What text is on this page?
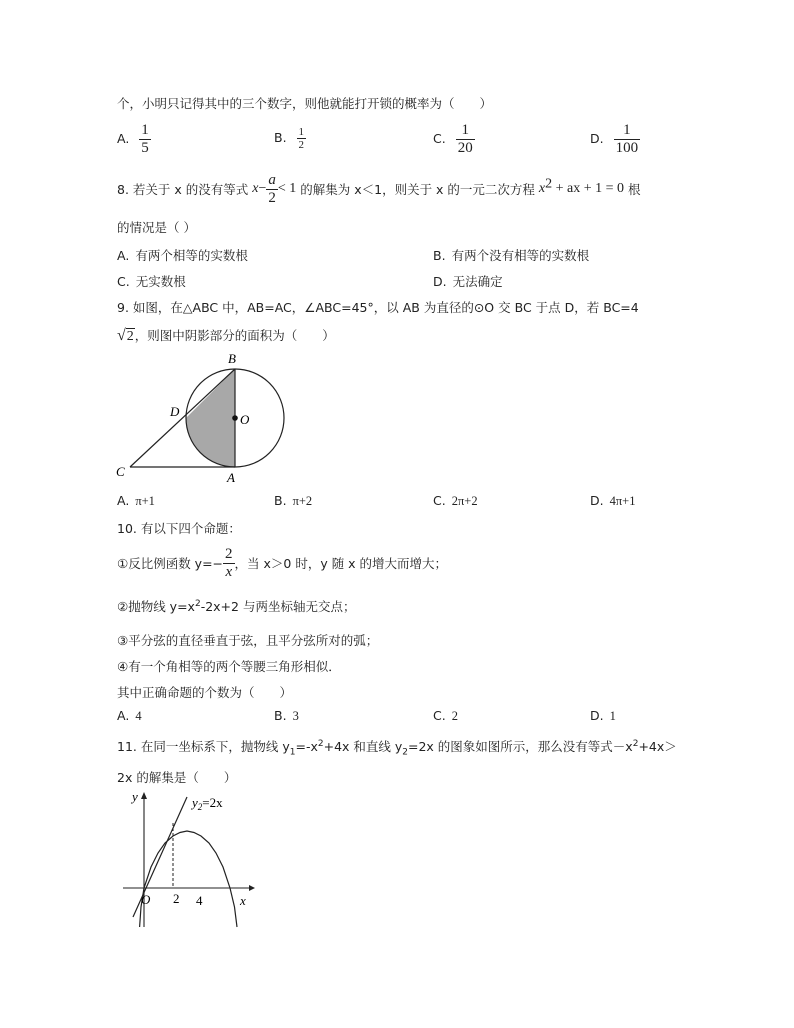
个，小明只记得其中的三个数字，则他就能打开锁的概率为（　　）
A. $\frac{1}{5}$	B. $\frac{1}{2}$	C. $\frac{1}{20}$	D. $\frac{1}{100}$
8. 若关于 x 的没有等式 $x- \frac{a}{2} < 1$ 的解集为 x＜1，则关于 x 的一元二次方程 $x^2$ + ax + 1 = 0 根
的情况是（ ）
A. 有两个相等的实数根	B. 有两个没有相等的实数根
C. 无实数根	D. 无法确定
9. 如图，在△ABC 中，AB=AC，∠ABC=45°，以 AB 为直径的⊙O 交 BC 于点 D，若 BC=4
√2，则图中阴影部分的面积为（　　）
B
D
O
C	A
A. π+1	B. π+2	C. 2π+2	D. 4π+1
10. 有以下四个命题：
①反比例函数 $y=- \frac{2}{x}$ ，当 x＞0 时，y 随 x 的增大而增大；
②抛物线 $y=x^2-2x+2$ 与两坐标轴无交点；
③平分弦的直径垂直于弦，且平分弦所对的弧；
④有一个角相等的两个等腰三角形相似．
其中正确命题的个数为（　　）
A. 4	B. 3	C. 2	D. 1
11. 在同一坐标系下，抛物线 $y_1=-x^2+4x$ 和直线 $y_2=2x$ 的图象如图所示，那么没有等式$-x^2+4x>$
2x 的解集是（　　）
y
x
O 2 4
$y_2=2x$
